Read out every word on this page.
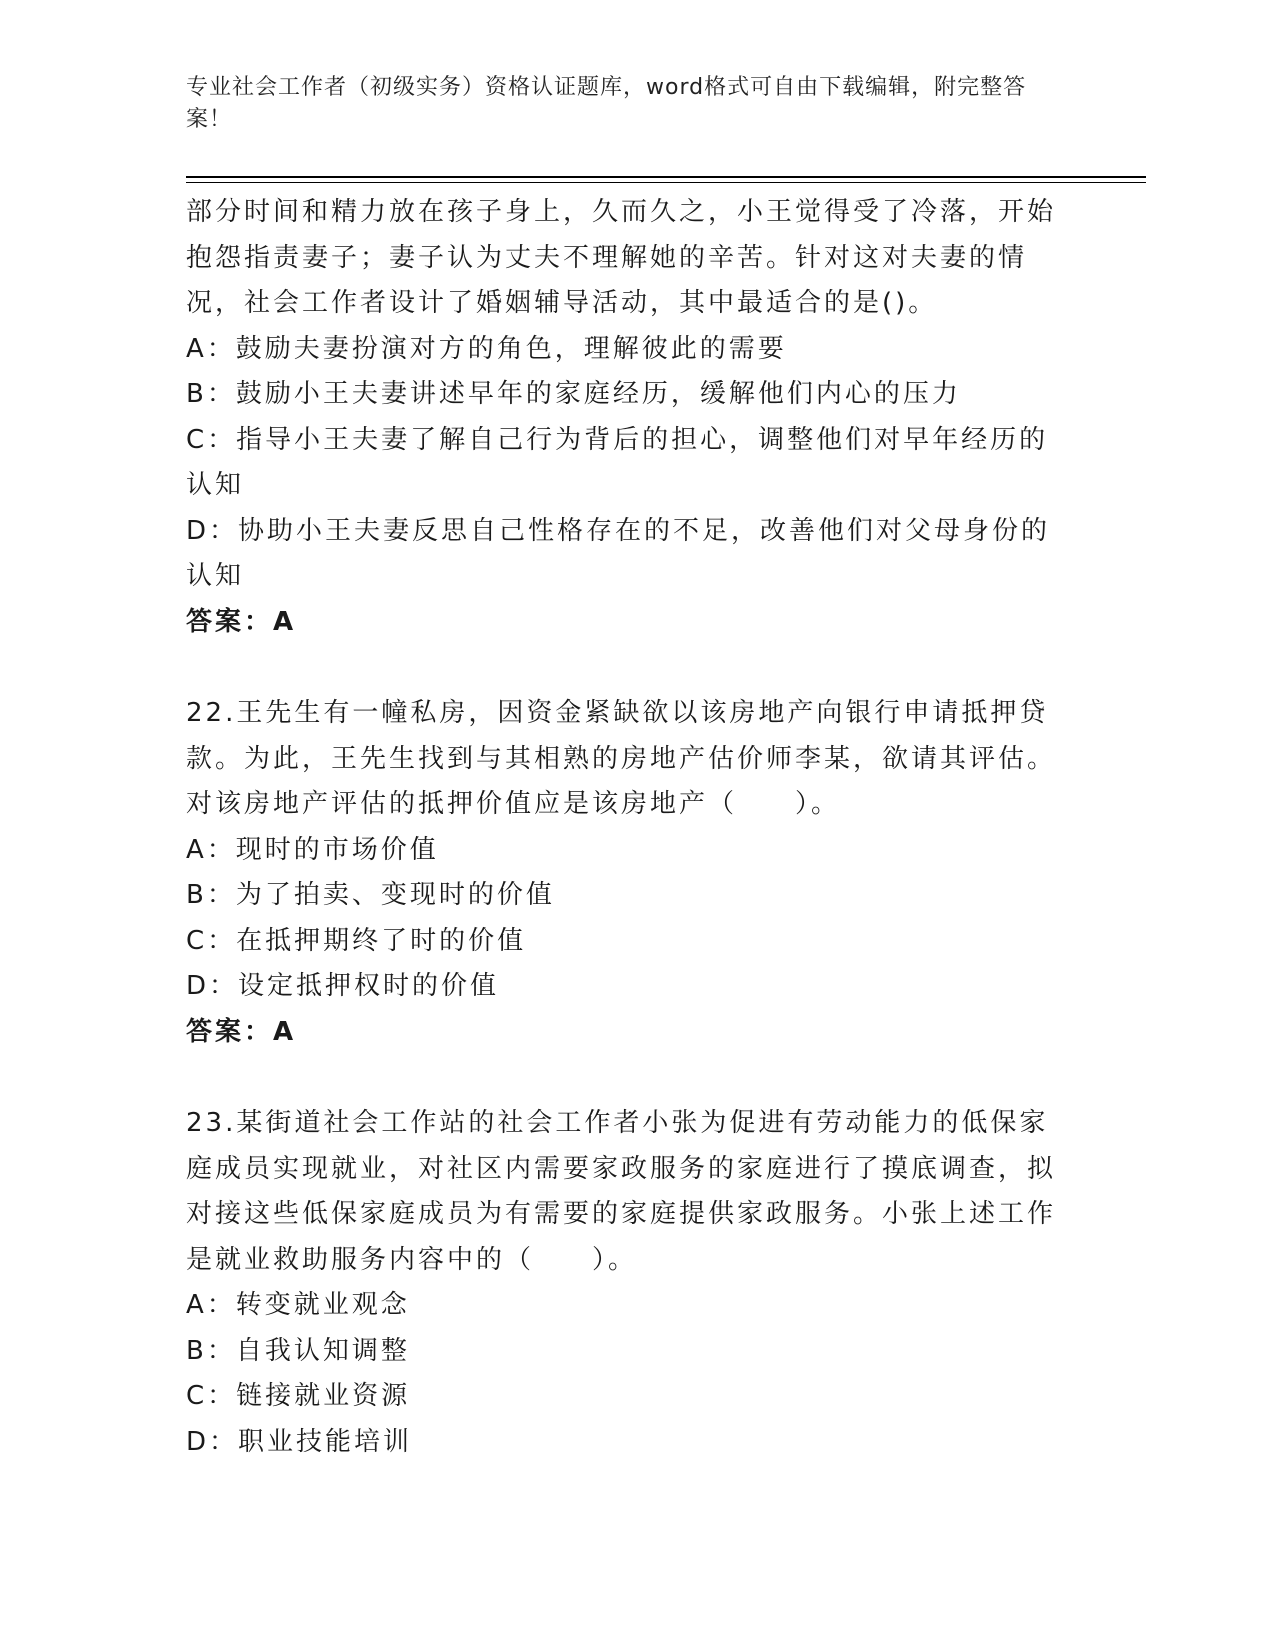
专业社会工作者（初级实务）资格认证题库，word格式可自由下载编辑，附完整答案！

部分时间和精力放在孩子身上，久而久之，小王觉得受了冷落，开始抱怨指责妻子；妻子认为丈夫不理解她的辛苦。针对这对夫妻的情况，社会工作者设计了婚姻辅导活动，其中最适合的是()。

A：鼓励夫妻扮演对方的角色，理解彼此的需要

B：鼓励小王夫妻讲述早年的家庭经历，缓解他们内心的压力

C：指导小王夫妻了解自己行为背后的担心，调整他们对早年经历的认知

D：协助小王夫妻反思自己性格存在的不足，改善他们对父母身份的认知

答案：A

22.王先生有一幢私房，因资金紧缺欲以该房地产向银行申请抵押贷款。为此，王先生找到与其相熟的房地产估价师李某，欲请其评估。对该房地产评估的抵押价值应是该房地产（　　）。

A：现时的市场价值

B：为了拍卖、变现时的价值

C：在抵押期终了时的价值

D：设定抵押权时的价值

答案：A

23.某街道社会工作站的社会工作者小张为促进有劳动能力的低保家庭成员实现就业，对社区内需要家政服务的家庭进行了摸底调查，拟对接这些低保家庭成员为有需要的家庭提供家政服务。小张上述工作是就业救助服务内容中的（　　）。

A：转变就业观念

B：自我认知调整

C：链接就业资源

D：职业技能培训
